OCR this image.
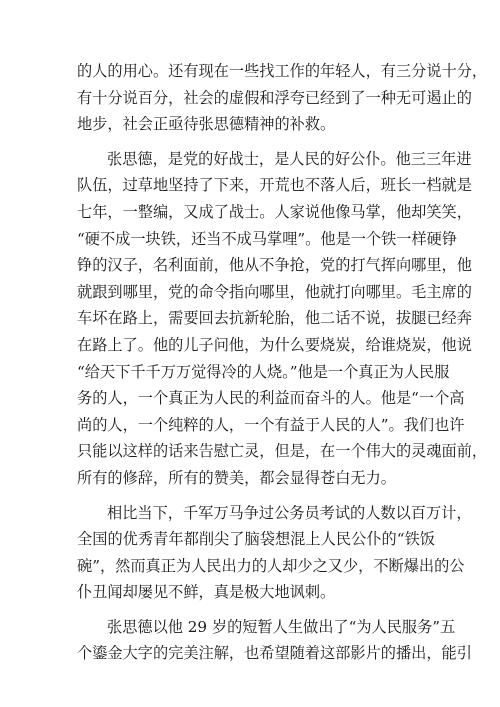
的人的用心。还有现在一些找工作的年轻人，有三分说十分，
有十分说百分，社会的虚假和浮夸已经到了一种无可遏止的
地步，社会正亟待张思德精神的补救。
张思德，是党的好战士，是人民的好公仆。他三三年进
队伍，过草地坚持了下来，开荒也不落人后，班长一档就是
七年，一整编，又成了战士。人家说他像马掌，他却笑笑，
“硬不成一块铁，还当不成马掌哩”。他是一个铁一样硬铮
铮的汉子，名利面前，他从不争抢，党的打气挥向哪里，他
就跟到哪里，党的命令指向哪里，他就打向哪里。毛主席的
车坏在路上，需要回去抗新轮胎，他二话不说，拔腿已经奔
在路上了。他的儿子问他，为什么要烧炭，给谁烧炭，他说
“给天下千千万万觉得冷的人烧。”他是一个真正为人民服
务的人，一个真正为人民的利益而奋斗的人。他是“一个高
尚的人，一个纯粹的人，一个有益于人民的人”。我们也许
只能以这样的话来告慰亡灵，但是，在一个伟大的灵魂面前，
所有的修辞，所有的赞美，都会显得苍白无力。
相比当下，千军万马争过公务员考试的人数以百万计，
全国的优秀青年都削尖了脑袋想混上人民公仆的“铁饭
碗”，然而真正为人民出力的人却少之又少，不断爆出的公
仆丑闻却屡见不鲜，真是极大地讽刺。
张思德以他 29 岁的短暂人生做出了“为人民服务”五
个鎏金大字的完美注解，也希望随着这部影片的播出，能引
